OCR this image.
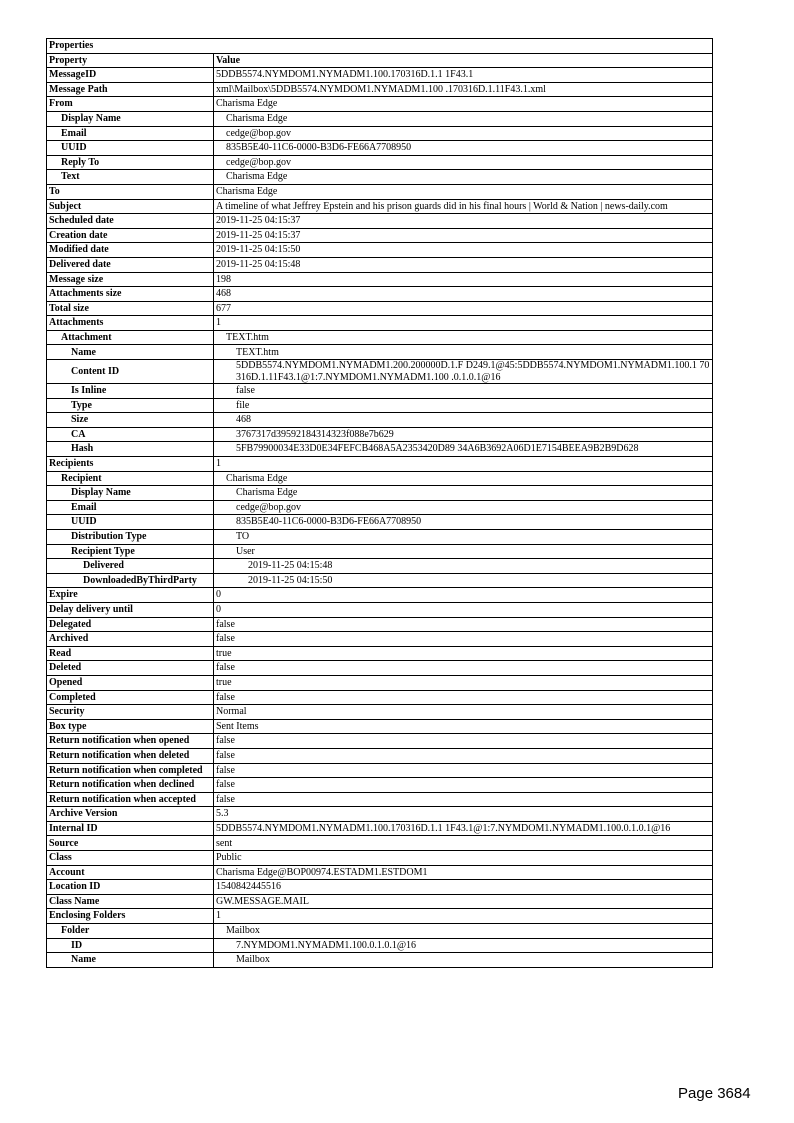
Properties	
Property	Value
MessageID	5DDB5574.NYMDOM1.NYMADM1.100.170316D.1.1 1F43.1
Message Path	xml\Mailbox\5DDB5574.NYMDOM1.NYMADM1.100 .170316D.1.11F43.1.xml
From	Charisma Edge
Display Name	Charisma Edge
Email	cedge@bop.gov
UUID	835B5E40-11C6-0000-B3D6-FE66A7708950
Reply To	cedge@bop.gov
Text	Charisma Edge
To	Charisma Edge
Subject	A timeline of what Jeffrey Epstein and his prison guards did in his final hours | World & Nation | news-daily.com
Scheduled date	2019-11-25 04:15:37
Creation date	2019-11-25 04:15:37
Modified date	2019-11-25 04:15:50
Delivered date	2019-11-25 04:15:48
Message size	198
Attachments size	468
Total size	677
Attachments	1
Attachment	TEXT.htm
Name	TEXT.htm
Content ID	5DDB5574.NYMDOM1.NYMADM1.200.200000D.1.F D249.1@45:5DDB5574.NYMDOM1.NYMADM1.100.1 70316D.1.11F43.1@1:7.NYMDOM1.NYMADM1.100 .0.1.0.1@16
Is Inline	false
Type	file
Size	468
CA	3767317d39592184314323f088e7b629
Hash	5FB79900034E33D0E34FEFCB468A5A2353420D89 34A6B3692A06D1E7154BEEA9B2B9D628
Recipients	1
Recipient	Charisma Edge
Display Name	Charisma Edge
Email	cedge@bop.gov
UUID	835B5E40-11C6-0000-B3D6-FE66A7708950
Distribution Type	TO
Recipient Type	User
Delivered	2019-11-25 04:15:48
DownloadedByThirdParty	2019-11-25 04:15:50
Expire	0
Delay delivery until	0
Delegated	false
Archived	false
Read	true
Deleted	false
Opened	true
Completed	false
Security	Normal
Box type	Sent Items
Return notification when opened	false
Return notification when deleted	false
Return notification when completed	false
Return notification when declined	false
Return notification when accepted	false
Archive Version	5.3
Internal ID	5DDB5574.NYMDOM1.NYMADM1.100.170316D.1.1 1F43.1@1:7.NYMDOM1.NYMADM1.100.0.1.0.1@16
Source	sent
Class	Public
Account	Charisma Edge@BOP00974.ESTADM1.ESTDOM1
Location ID	1540842445516
Class Name	GW.MESSAGE.MAIL
Enclosing Folders	1
Folder	Mailbox
ID	7.NYMDOM1.NYMADM1.100.0.1.0.1@16
Name	Mailbox
Page 3684
